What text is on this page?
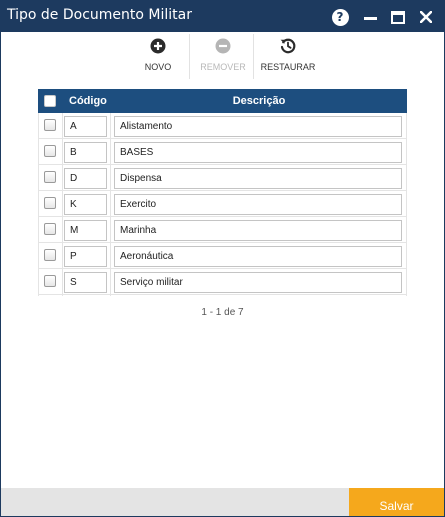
Tipo de Documento Militar	?
NOVO	REMOVER RESTAURAR
Código	Descrição
A	Alistamento
B	BASES
D	Dispensa
K	Exercito
M	Marinha
P	Aeronáutica
S	Serviço militar
1 - 1 de 7
Salvar
